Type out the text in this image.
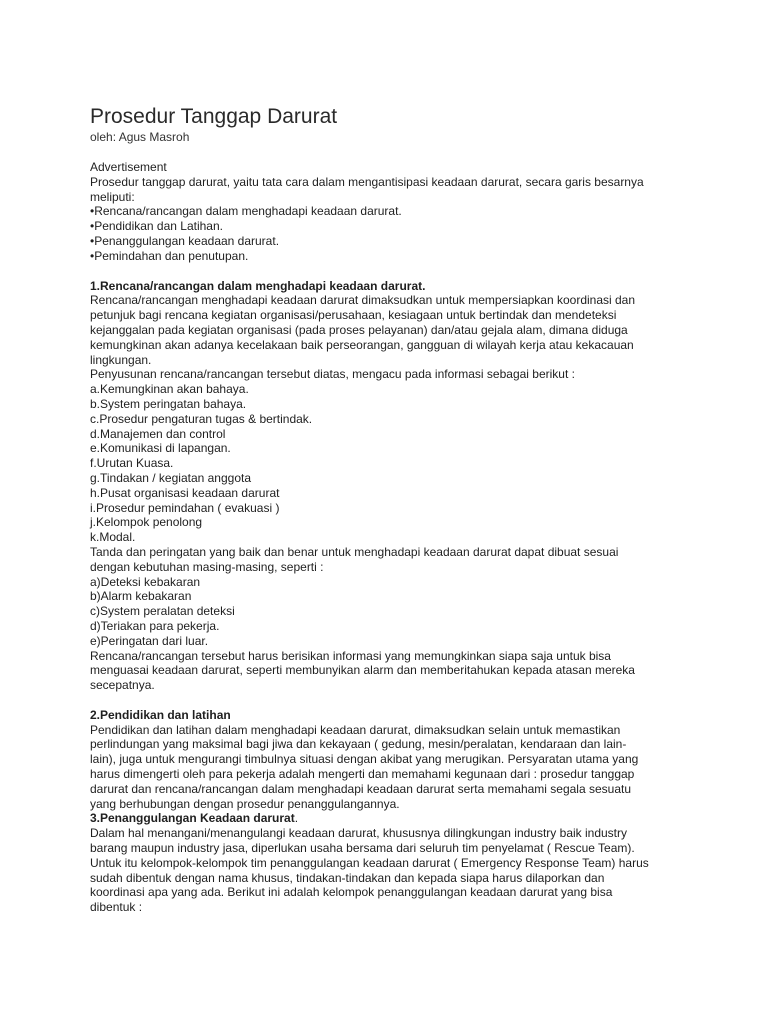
Prosedur Tanggap Darurat

oleh: Agus Masroh

Advertisement
Prosedur tanggap darurat, yaitu tata cara dalam mengantisipasi keadaan darurat, secara garis besarnya
meliputi:
•Rencana/rancangan dalam menghadapi keadaan darurat.
•Pendidikan dan Latihan.
•Penanggulangan keadaan darurat.
•Pemindahan dan penutupan.
1.Rencana/rancangan dalam menghadapi keadaan darurat.
Rencana/rancangan menghadapi keadaan darurat dimaksudkan untuk mempersiapkan koordinasi dan
petunjuk bagi rencana kegiatan organisasi/perusahaan, kesiagaan untuk bertindak dan mendeteksi
kejanggalan pada kegiatan organisasi (pada proses pelayanan) dan/atau gejala alam, dimana diduga
kemungkinan akan adanya kecelakaan baik perseorangan, gangguan di wilayah kerja atau kekacauan
lingkungan.
Penyusunan rencana/rancangan tersebut diatas, mengacu pada informasi sebagai berikut :
a.Kemungkinan akan bahaya.
b.System peringatan bahaya.
c.Prosedur pengaturan tugas & bertindak.
d.Manajemen dan control
e.Komunikasi di lapangan.
f.Urutan Kuasa.
g.Tindakan / kegiatan anggota
h.Pusat organisasi keadaan darurat
i.Prosedur pemindahan ( evakuasi )
j.Kelompok penolong
k.Modal.
Tanda dan peringatan yang baik dan benar untuk menghadapi keadaan darurat dapat dibuat sesuai
dengan kebutuhan masing-masing, seperti :
a)Deteksi kebakaran
b)Alarm kebakaran
c)System peralatan deteksi
d)Teriakan para pekerja.
e)Peringatan dari luar.
Rencana/rancangan tersebut harus berisikan informasi yang memungkinkan siapa saja untuk bisa
menguasai keadaan darurat, seperti membunyikan alarm dan memberitahukan kepada atasan mereka
secepatnya.
2.Pendidikan dan latihan
Pendidikan dan latihan dalam menghadapi keadaan darurat, dimaksudkan selain untuk memastikan
perlindungan yang maksimal bagi jiwa dan kekayaan ( gedung, mesin/peralatan, kendaraan dan lain-
lain), juga untuk mengurangi timbulnya situasi dengan akibat yang merugikan. Persyaratan utama yang
harus dimengerti oleh para pekerja adalah mengerti dan memahami kegunaan dari : prosedur tanggap
darurat dan rencana/rancangan dalam menghadapi keadaan darurat serta memahami segala sesuatu
yang berhubungan dengan prosedur penanggulangannya.
3.Penanggulangan Keadaan darurat.
Dalam hal menangani/menangulangi keadaan darurat, khususnya dilingkungan industry baik industry
barang maupun industry jasa, diperlukan usaha bersama dari seluruh tim penyelamat ( Rescue Team).
Untuk itu kelompok-kelompok tim penanggulangan keadaan darurat ( Emergency Response Team) harus
sudah dibentuk dengan nama khusus, tindakan-tindakan dan kepada siapa harus dilaporkan dan
koordinasi apa yang ada. Berikut ini adalah kelompok penanggulangan keadaan darurat yang bisa
dibentuk :
